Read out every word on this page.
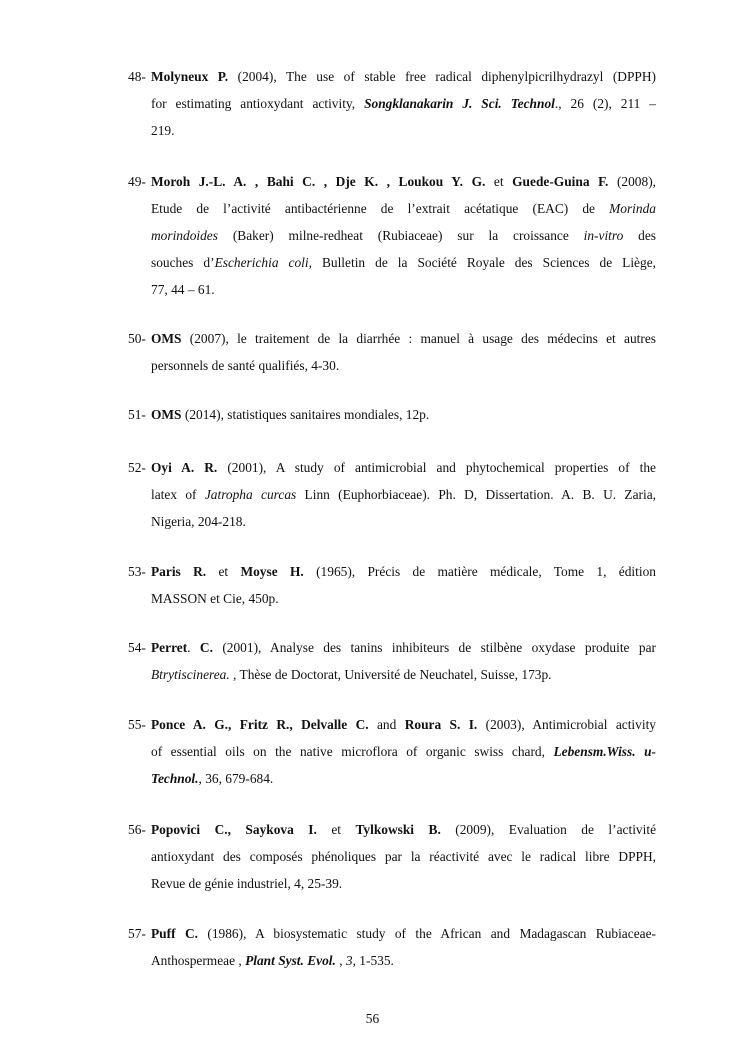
48- Molyneux P. (2004), The use of stable free radical diphenylpicrilhydrazyl (DPPH)
for estimating antioxydant activity, Songklanakarin J. Sci. Technol., 26 (2), 211 –
219.
49- Moroh J.-L. A. , Bahi C. , Dje K. , Loukou Y. G. et Guede-Guina F. (2008),
Etude de l’activité antibactérienne de l’extrait acétatique (EAC) de Morinda
morindoides (Baker) milne-redheat (Rubiaceae) sur la croissance in-vitro des
souches d’Escherichia coli, Bulletin de la Société Royale des Sciences de Liège,
77, 44 – 61.
50- OMS (2007), le traitement de la diarrhée : manuel à usage des médecins et autres
personnels de santé qualifiés, 4-30.
51- OMS (2014), statistiques sanitaires mondiales, 12p.
52- Oyi A. R. (2001), A study of antimicrobial and phytochemical properties of the
latex of Jatropha curcas Linn (Euphorbiaceae). Ph. D, Dissertation. A. B. U. Zaria,
Nigeria, 204-218.
53- Paris R. et Moyse H. (1965), Précis de matière médicale, Tome 1, édition
MASSON et Cie, 450p.
54- Perret. C. (2001), Analyse des tanins inhibiteurs de stilbène oxydase produite par
Btrytiscinerea. , Thèse de Doctorat, Université de Neuchatel, Suisse, 173p.
55- Ponce A. G., Fritz R., Delvalle C. and Roura S. I. (2003), Antimicrobial activity
of essential oils on the native microflora of organic swiss chard, Lebensm.Wiss. u-
Technol., 36, 679-684.
56- Popovici C., Saykova I. et Tylkowski B. (2009), Evaluation de l’activité
antioxydant des composés phénoliques par la réactivité avec le radical libre DPPH,
Revue de génie industriel, 4, 25-39.
57- Puff C. (1986), A biosystematic study of the African and Madagascan Rubiaceae-
Anthospermeae , Plant Syst. Evol. , 3, 1-535.
56
